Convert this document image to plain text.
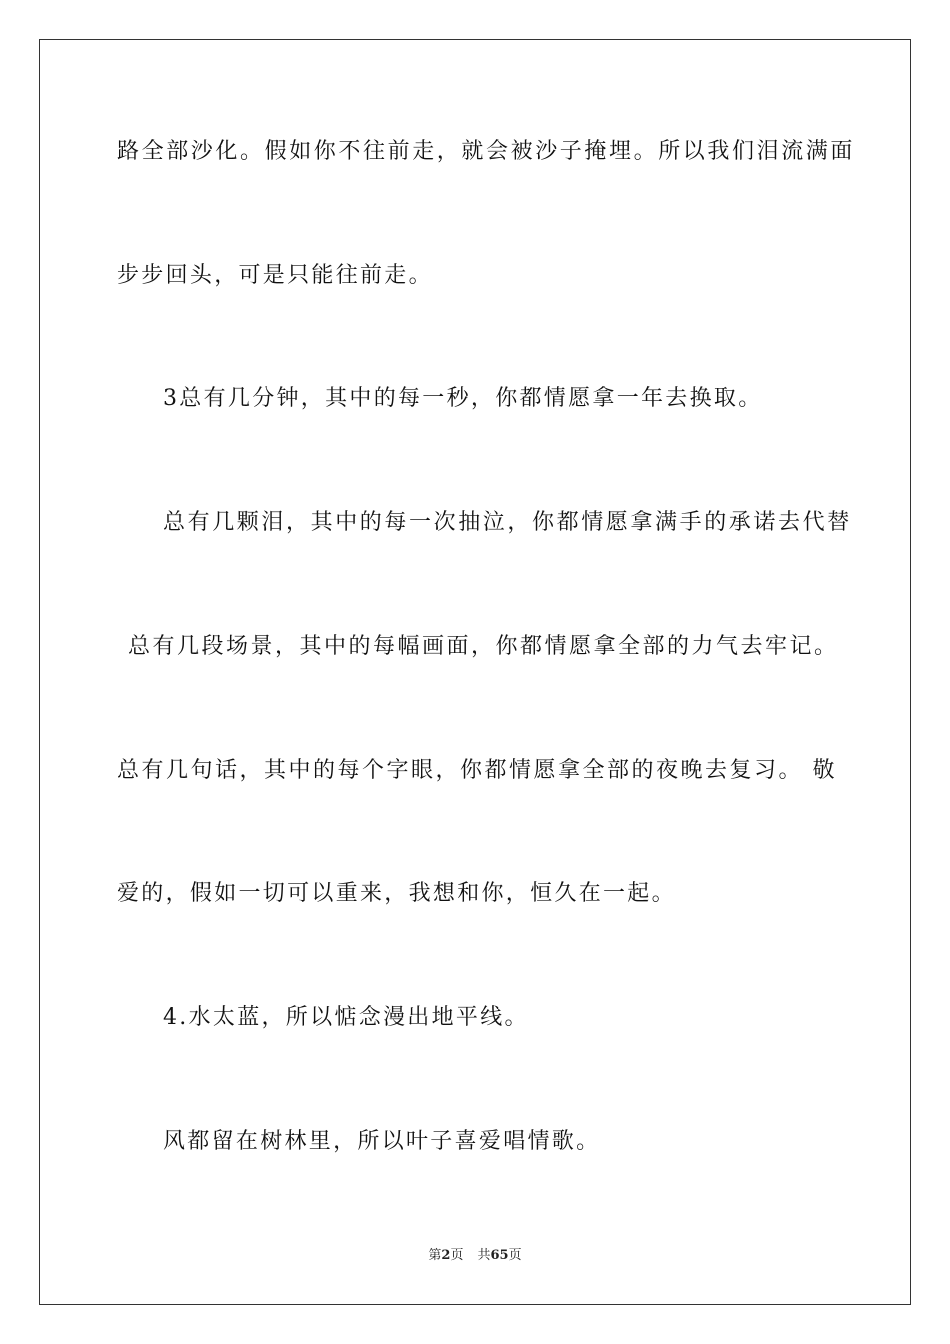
路全部沙化。假如你不往前走，就会被沙子掩埋。所以我们泪流满面
步步回头，可是只能往前走。
3总有几分钟，其中的每一秒，你都情愿拿一年去换取。
总有几颗泪，其中的每一次抽泣，你都情愿拿满手的承诺去代替
总有几段场景，其中的每幅画面，你都情愿拿全部的力气去牢记。
总有几句话，其中的每个字眼，你都情愿拿全部的夜晚去复习。 敬
爱的，假如一切可以重来，我想和你，恒久在一起。
4.水太蓝，所以惦念漫出地平线。
风都留在树林里，所以叶子喜爱唱情歌。
第2页 共65页
